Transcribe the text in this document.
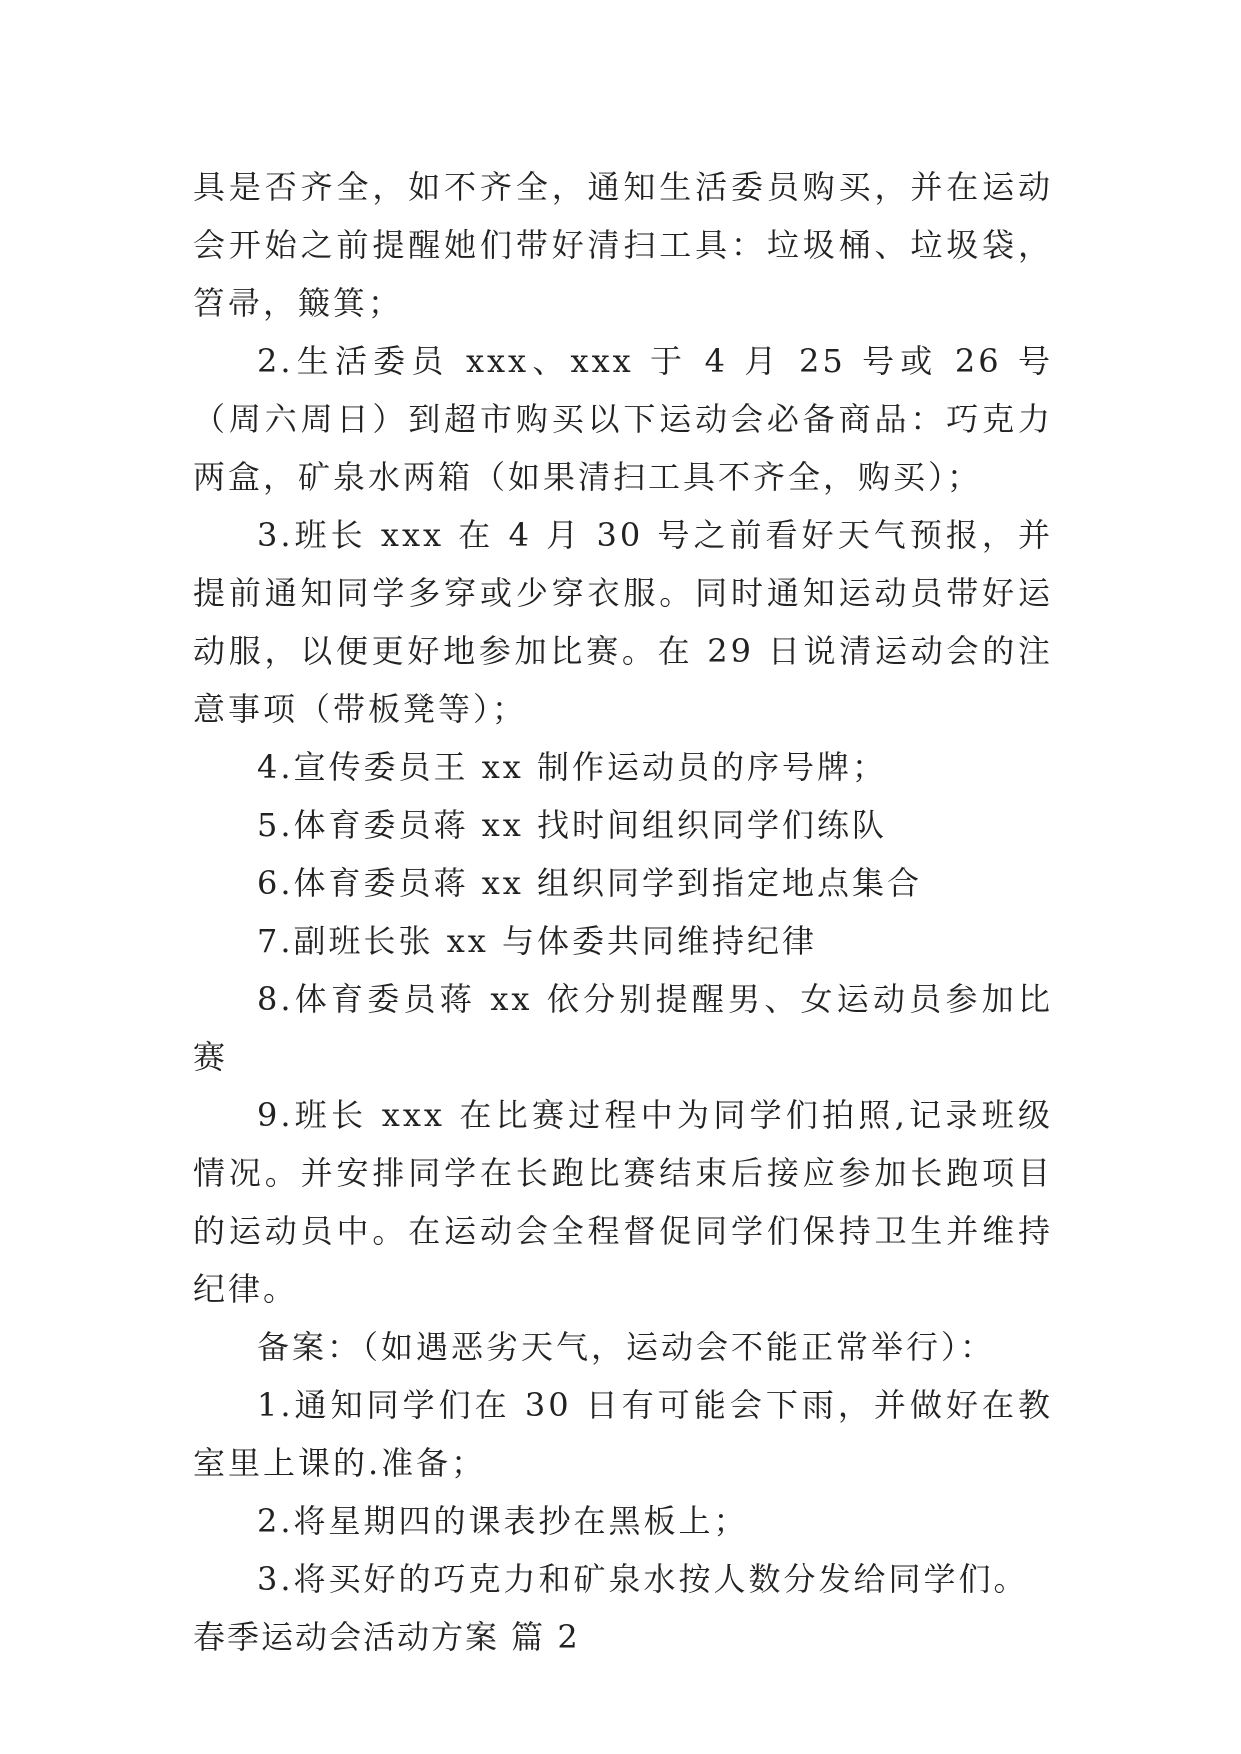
具是否齐全，如不齐全，通知生活委员购买，并在运动会开始之前提醒她们带好清扫工具：垃圾桶、垃圾袋，笤帚，簸箕；

2.生活委员 xxx、xxx 于 4 月 25 号或 26 号（周六周日）到超市购买以下运动会必备商品：巧克力两盒，矿泉水两箱（如果清扫工具不齐全，购买）；

3.班长 xxx 在 4 月 30 号之前看好天气预报，并提前通知同学多穿或少穿衣服。同时通知运动员带好运动服，以便更好地参加比赛。在 29 日说清运动会的注意事项（带板凳等）；

4.宣传委员王 xx 制作运动员的序号牌；

5.体育委员蒋 xx 找时间组织同学们练队

6.体育委员蒋 xx 组织同学到指定地点集合

7.副班长张 xx 与体委共同维持纪律

8.体育委员蒋 xx 依分别提醒男、女运动员参加比赛

9.班长 xxx 在比赛过程中为同学们拍照,记录班级情况。并安排同学在长跑比赛结束后接应参加长跑项目的运动员中。在运动会全程督促同学们保持卫生并维持纪律。

备案：（如遇恶劣天气，运动会不能正常举行）：

1.通知同学们在 30 日有可能会下雨，并做好在教室里上课的.准备；

2.将星期四的课表抄在黑板上；

3.将买好的巧克力和矿泉水按人数分发给同学们。

春季运动会活动方案 篇 2
